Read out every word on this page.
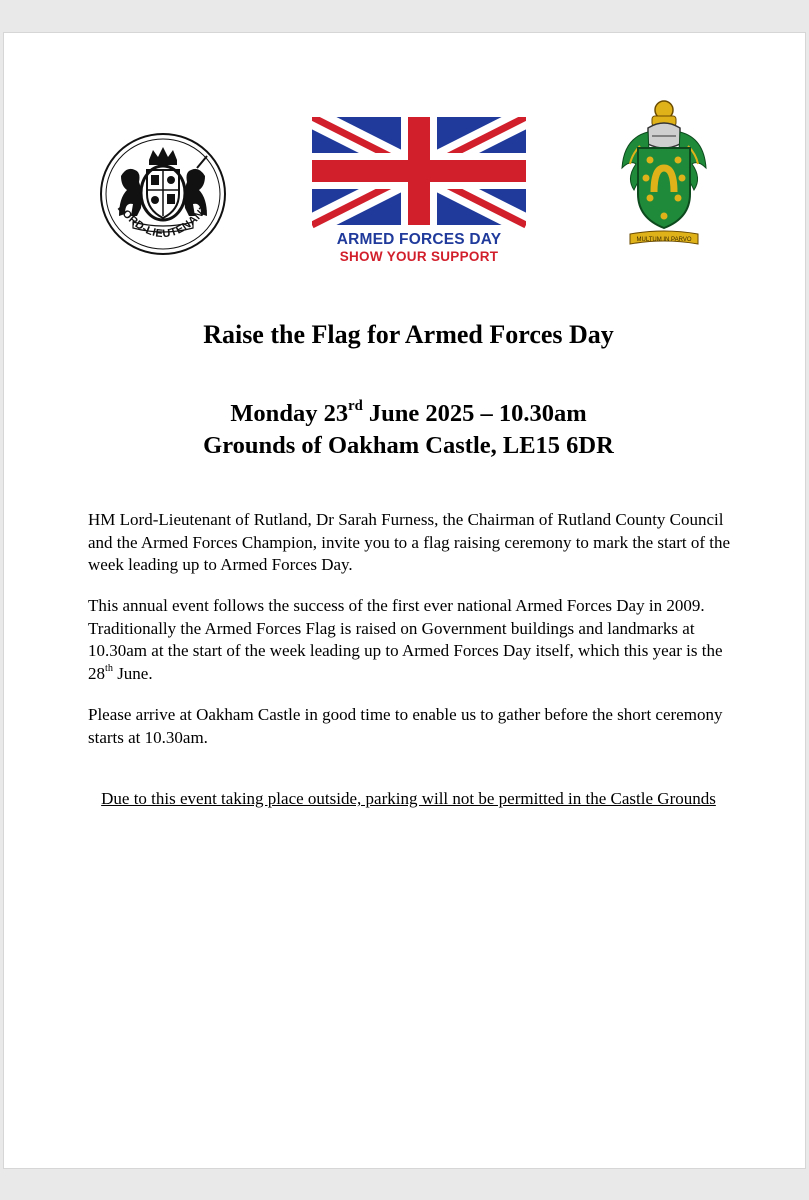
LORD-LIEUTENANT
ARMED FORCES DAY
SHOW YOUR SUPPORT
MULTUM IN PARVO
Raise the Flag for Armed Forces Day

Monday 23rd June 2025 – 10.30am

Grounds of Oakham Castle, LE15 6DR

HM Lord-Lieutenant of Rutland, Dr Sarah Furness, the Chairman of Rutland County Council and the Armed Forces Champion, invite you to a flag raising ceremony to mark the start of the week leading up to Armed Forces Day.

This annual event follows the success of the first ever national Armed Forces Day in 2009. Traditionally the Armed Forces Flag is raised on Government buildings and landmarks at 10.30am at the start of the week leading up to Armed Forces Day itself, which this year is the 28th June.

Please arrive at Oakham Castle in good time to enable us to gather before the short ceremony starts at 10.30am.

Due to this event taking place outside, parking will not be permitted in the Castle Grounds
